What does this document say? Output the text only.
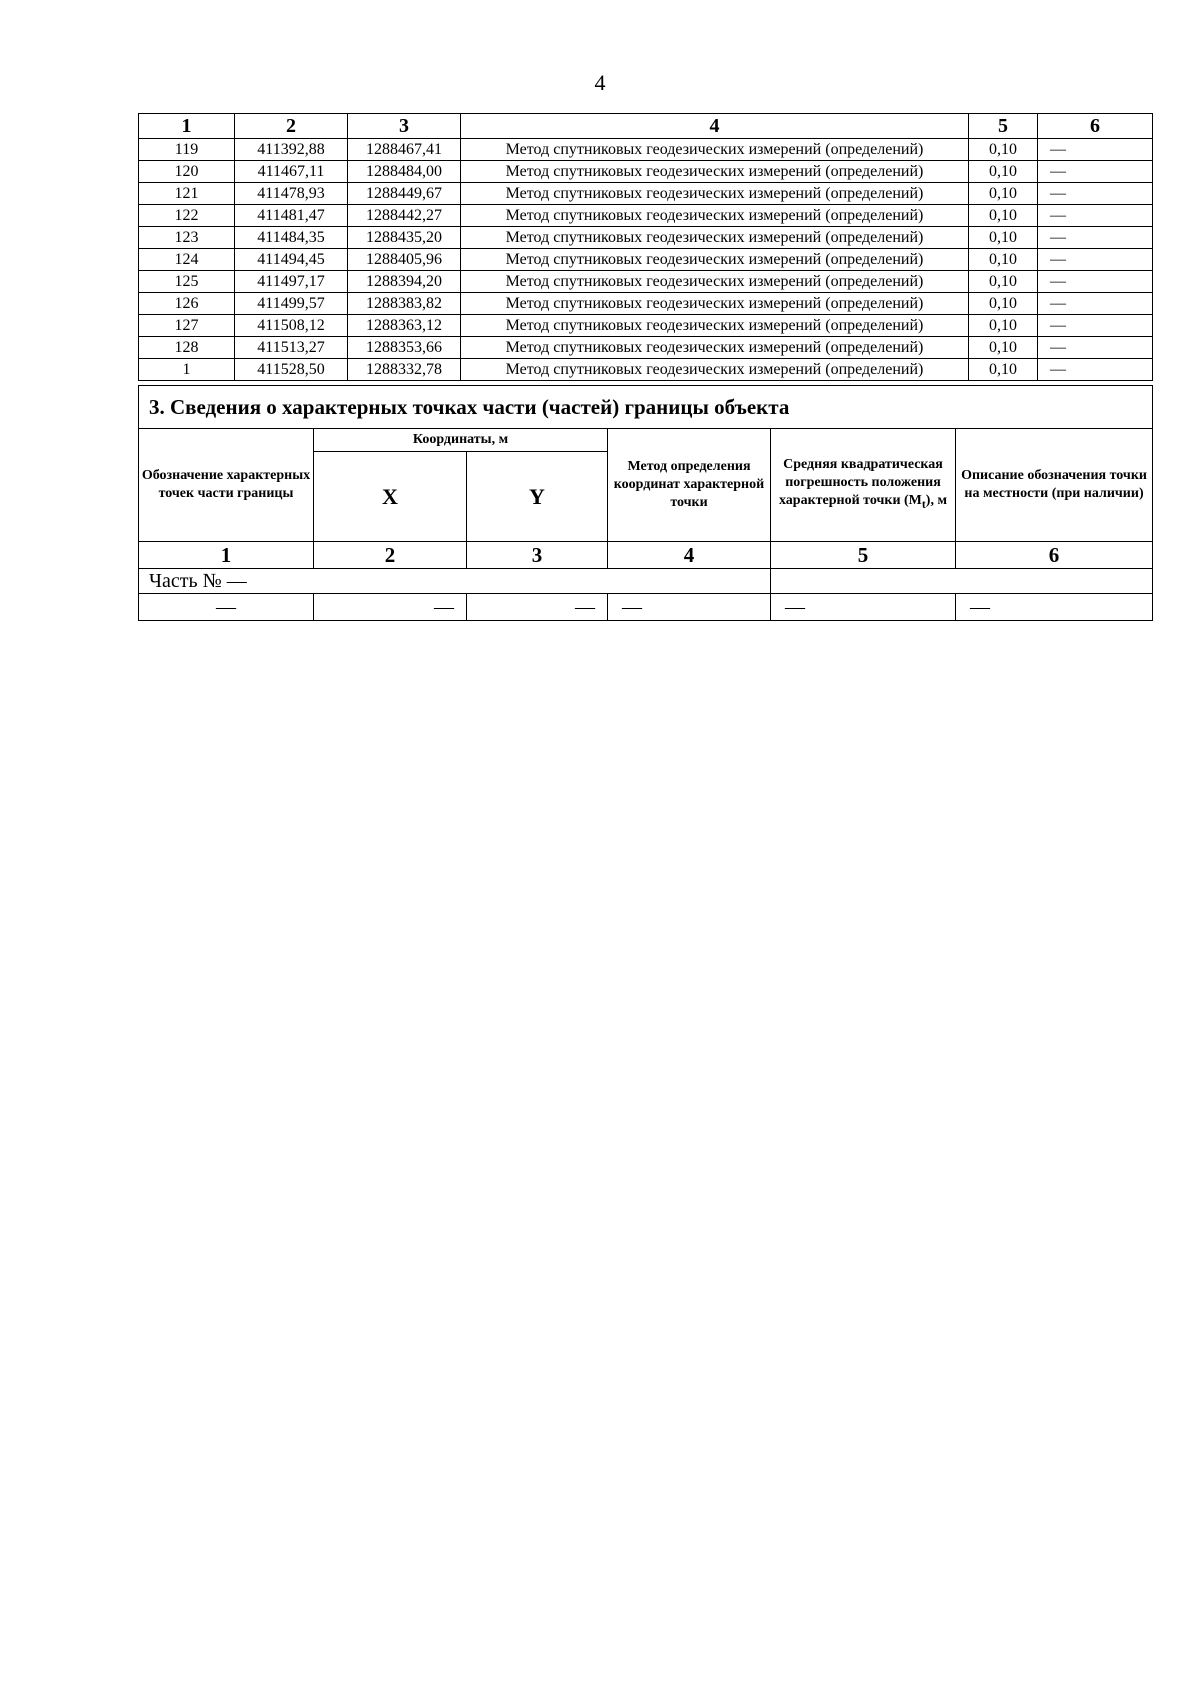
4
1	2	3	4	5	6
119	411392,88	1288467,41	Метод спутниковых геодезических измерений (определений)	0,10	—
120	411467,11	1288484,00	Метод спутниковых геодезических измерений (определений)	0,10	—
121	411478,93	1288449,67	Метод спутниковых геодезических измерений (определений)	0,10	—
122	411481,47	1288442,27	Метод спутниковых геодезических измерений (определений)	0,10	—
123	411484,35	1288435,20	Метод спутниковых геодезических измерений (определений)	0,10	—
124	411494,45	1288405,96	Метод спутниковых геодезических измерений (определений)	0,10	—
125	411497,17	1288394,20	Метод спутниковых геодезических измерений (определений)	0,10	—
126	411499,57	1288383,82	Метод спутниковых геодезических измерений (определений)	0,10	—
127	411508,12	1288363,12	Метод спутниковых геодезических измерений (определений)	0,10	—
128	411513,27	1288353,66	Метод спутниковых геодезических измерений (определений)	0,10	—
1	411528,50	1288332,78	Метод спутниковых геодезических измерений (определений)	0,10	—
3. Сведения о характерных точках части (частей) границы объекта					
Обозначение характерных точек части границы	Координаты, м		Метод определения координат характерной точки	Средняя квадратическая погрешность положения характерной точки $(M_t)$, м	Описание обозначения точки на местности (при наличии)
	X	Y			
1	2	3	4	5	6
Часть № —					
—	—	—	—	—	—
